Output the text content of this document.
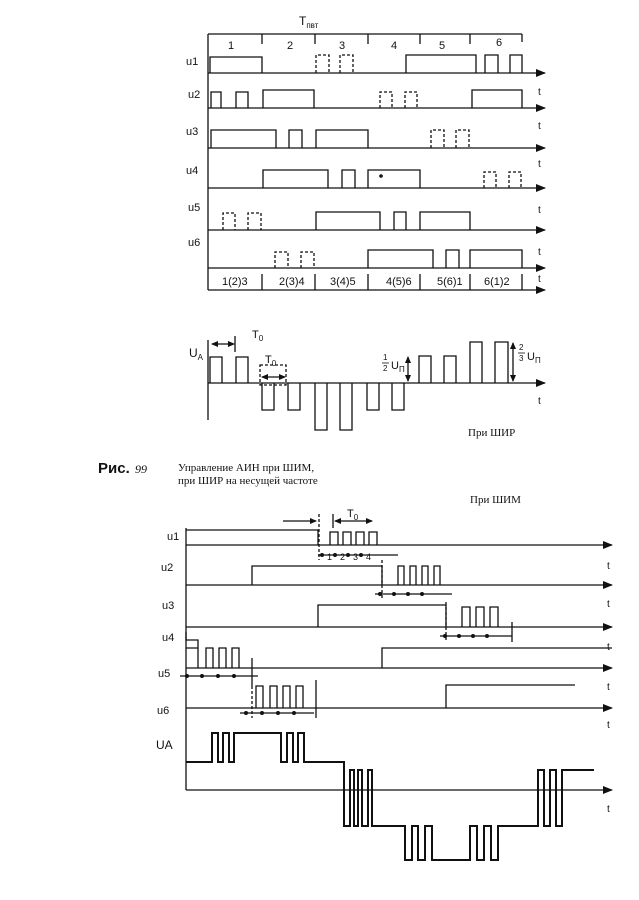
$T_{пвт}$
1	2	3	4	5	6
u1
u2
u3
u4
u5
u6
t
t
t
t
t
t
t
1(2)3	2(3)4 3(4)5	4(5)6 5(6)1 6(1)2
$U_A$
$T_0$
$T_0$
1
2 $U_П$
2
3 $U_П$
u1
u2
u3
u4
u5
u6
UA
$T_0$
1 2 3 4
t
t
t
t
t
t
При ШИР
При ШИМ
Рис. 99	Управление АИН при ШИМ,
при ШИР на несущей частоте
